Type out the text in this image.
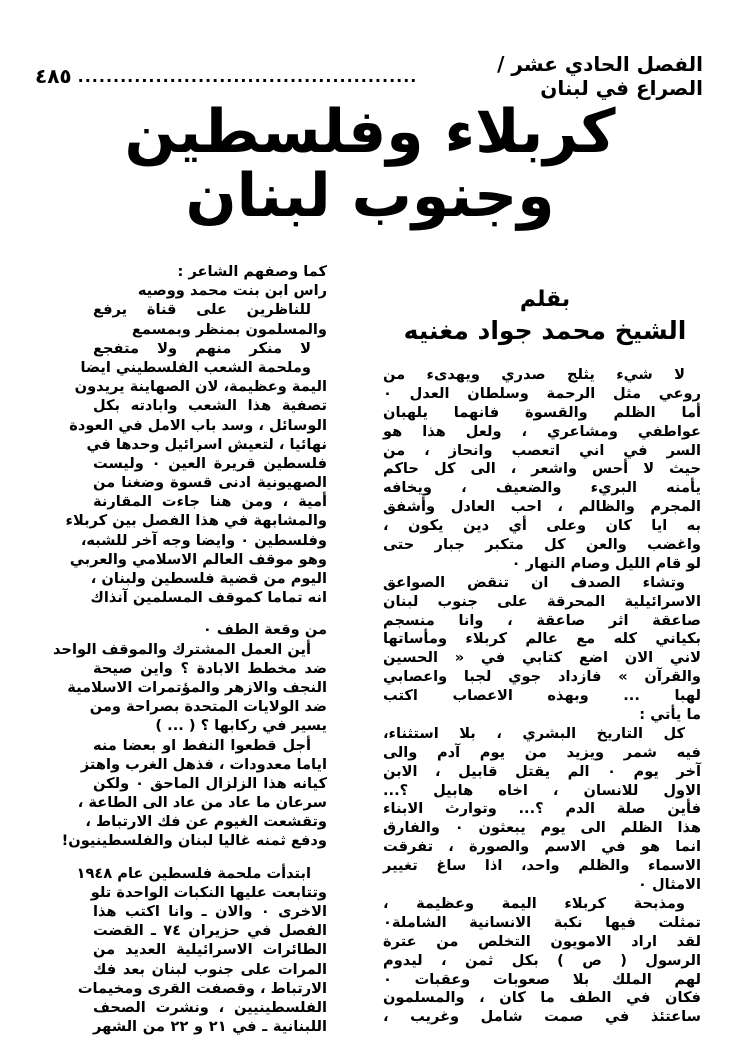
الفصل الحادي عشر / الصراع في لبنان
................................................
٤٨٥
كربلاء وفلسطين
وجنوب لبنان
بقلم
الشيخ محمد جواد مغنيه
لا شيء يثلج صدري ويهدىء من
روعي مثل الرحمة وسلطان العدل ٠
أما الظلم والقسوة فانهما يلهبان
عواطفي ومشاعري ، ولعل هذا هو
السر في اني اتعصب وانحاز ، من
حيث لا أحس واشعر ، الى كل حاكم
يأمنه البريء والضعيف ، ويخافه
المجرم والظالم ، احب العادل وأشفق
به ايا كان وعلى أي دين يكون ،
واغضب والعن كل متكبر جبار حتى
لو قام الليل وصام النهار ٠
وتشاء الصدف ان تنقض الصواعق
الاسرائيلية المحرقة على جنوب لبنان
صاعقة اثر صاعقة ، وانا منسجم
بكياني كله مع عالم كربلاء ومأساتها
لاني الان اضع كتابي في « الحسين
والقرآن » فازداد جوي لجبا واعصابي
لهبا ... وبهذه الاعصاب اكتب
ما يأتي :
كل التاريخ البشري ، بلا استثناء،
فيه شمر ويزيد من يوم آدم والى
آخر يوم ٠ الم يقتل قابيل ، الابن
الاول للانسان ، اخاه هابيل ؟...
فأين صلة الدم ؟... وتوارث الابناء
هذا الظلم الى يوم يبعثون ٠ والفارق
انما هو في الاسم والصورة ، تفرقت
الاسماء والظلم واحد، اذا ساغ تغيير
الامثال ٠
ومذبحة كربلاء اليمة وعظيمة ،
تمثلت فيها نكبة الانسانية الشاملة٠
لقد اراد الامويون التخلص من عترة
الرسول ( ص ) بكل ثمن ، ليدوم
لهم الملك بلا صعوبات وعقبات ٠
فكان في الطف ما كان ، والمسلمون
ساعتئذ في صمت شامل وغريب ،
كما وصفهم الشاعر :
راس ابن بنت محمد ووصيه
للناظرين على قناة يرفع
والمسلمون بمنظر وبمسمع
لا منكر منهم ولا متفجع
وملحمة الشعب الفلسطيني ايضا
اليمة وعظيمة، لان الصهاينة يريدون
تصفية هذا الشعب وابادته بكل
الوسائل ، وسد باب الامل في العودة
نهائيا ، لتعيش اسرائيل وحدها في
فلسطين قريرة العين ٠ وليست
الصهيونية ادنى قسوة وضغنا من
أمية ، ومن هنا جاءت المقارنة
والمشابهة في هذا الفصل بين كربلاء
وفلسطين ٠ وايضا وجه آخر للشبه،
وهو موقف العالم الاسلامي والعربي
اليوم من قضية فلسطين ولبنان ،
انه تماما كموقف المسلمين آنذاك
من وقعة الطف ٠
أين العمل المشترك والموقف الواحد
ضد مخطط الابادة ؟ واين صيحة
النجف والازهر والمؤتمرات الاسلامية
ضد الولايات المتحدة بصراحة ومن
يسير في ركابها ؟ ( ... )
أجل قطعوا النفط او بعضا منه
اياما معدودات ، فذهل الغرب واهتز
كيانه هذا الزلزال الماحق ٠ ولكن
سرعان ما عاد من عاد الى الطاعة ،
وتقشعت الغيوم عن فك الارتباط ،
ودفع ثمنه غاليا لبنان والفلسطينيون!
ابتدأت ملحمة فلسطين عام ١٩٤٨
وتتابعت عليها النكبات الواحدة تلو
الاخرى ٠ والان ـ وانا اكتب هذا
الفصل في حزيران ٧٤ ـ القضت
الطائرات الاسرائيلية العديد من
المرات على جنوب لبنان بعد فك
الارتباط ، وقصفت القرى ومخيمات
الفلسطينيين ، ونشرت الصحف
اللبنانية ـ في ٢١ و ٢٢ من الشهر
